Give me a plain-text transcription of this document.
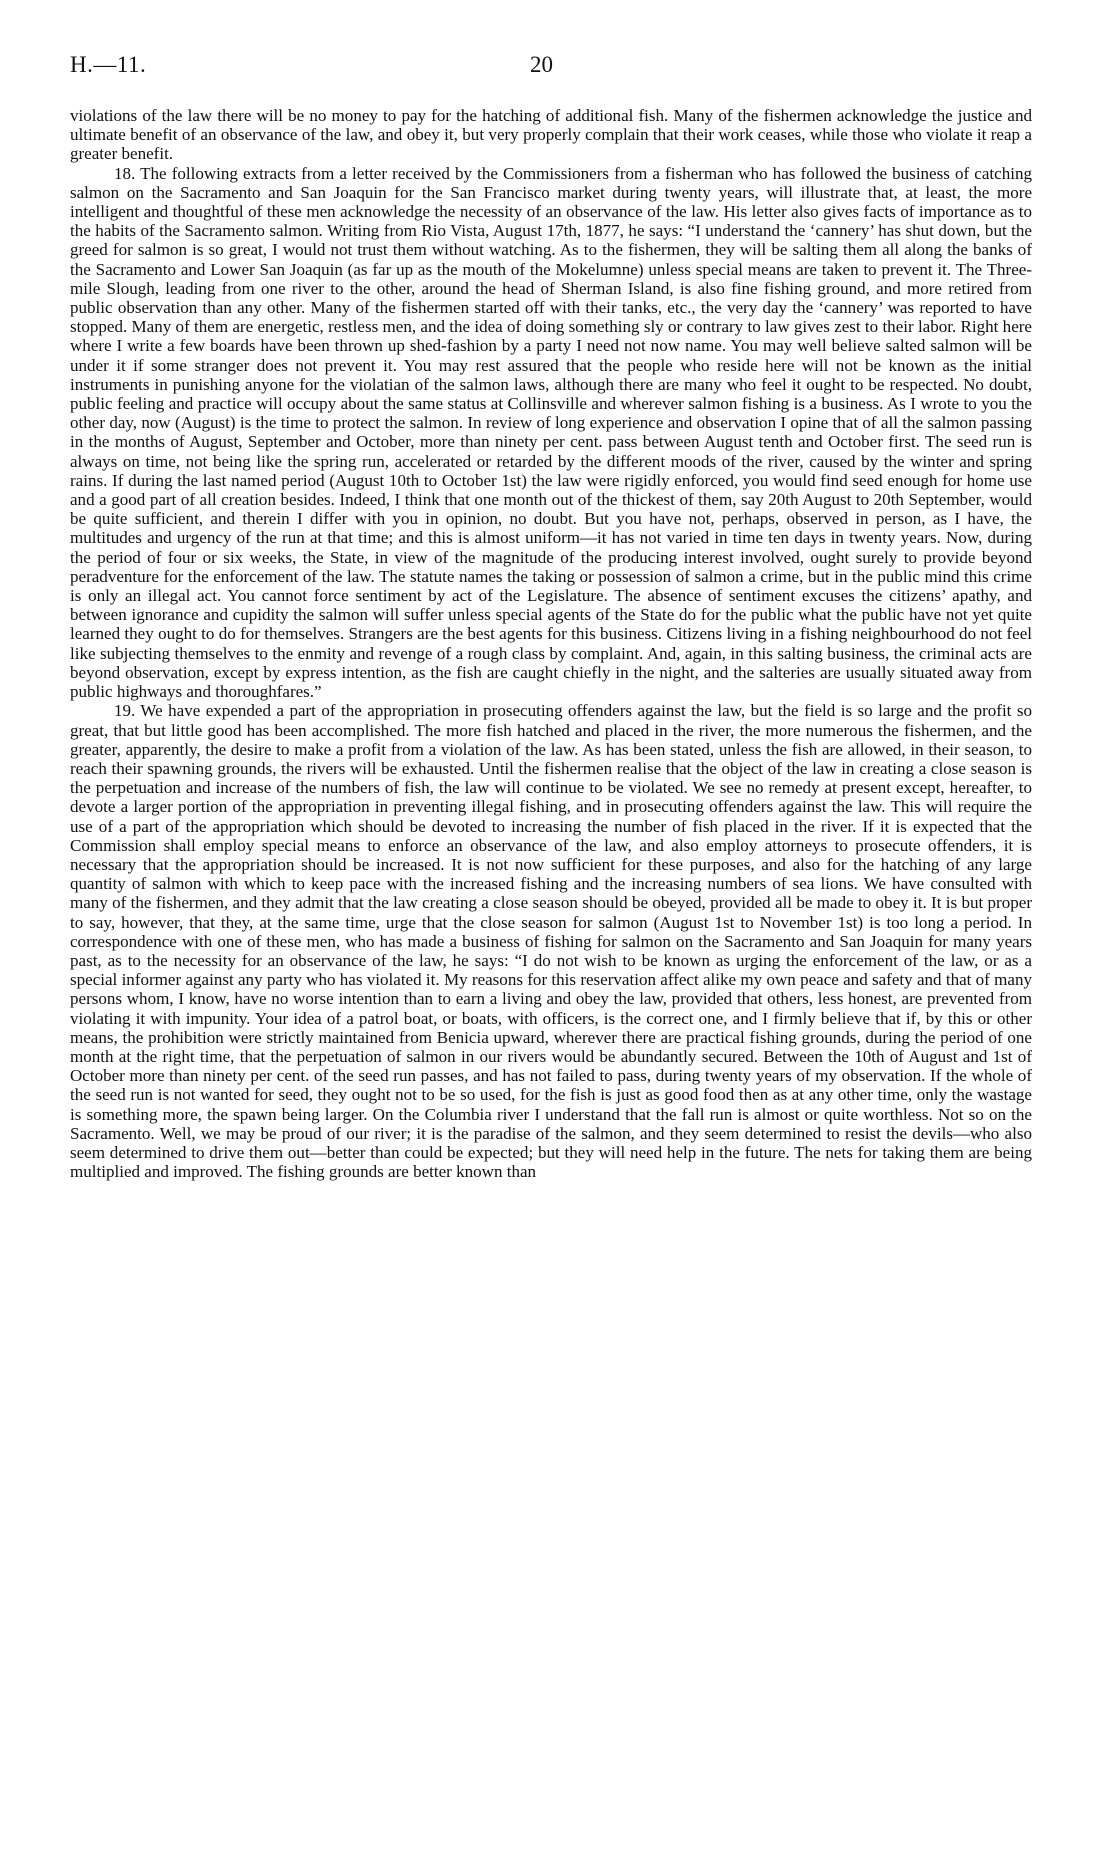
H.—11.	20

violations of the law there will be no money to pay for the hatching of additional fish. Many of the fishermen acknowledge the justice and ultimate benefit of an observance of the law, and obey it, but very properly complain that their work ceases, while those who violate it reap a greater benefit.

18. The following extracts from a letter received by the Commissioners from a fisherman who has followed the business of catching salmon on the Sacramento and San Joaquin for the San Francisco market during twenty years, will illustrate that, at least, the more intelligent and thoughtful of these men acknowledge the necessity of an observance of the law. His letter also gives facts of importance as to the habits of the Sacramento salmon. Writing from Rio Vista, August 17th, 1877, he says: “I understand the ‘cannery’ has shut down, but the greed for salmon is so great, I would not trust them without watching. As to the fishermen, they will be salting them all along the banks of the Sacramento and Lower San Joaquin (as far up as the mouth of the Mokelumne) unless special means are taken to prevent it. The Three-mile Slough, leading from one river to the other, around the head of Sherman Island, is also fine fishing ground, and more retired from public observation than any other. Many of the fishermen started off with their tanks, etc., the very day the ‘cannery’ was reported to have stopped. Many of them are energetic, restless men, and the idea of doing something sly or contrary to law gives zest to their labor. Right here where I write a few boards have been thrown up shed-fashion by a party I need not now name. You may well believe salted salmon will be under it if some stranger does not prevent it. You may rest assured that the people who reside here will not be known as the initial instruments in punishing anyone for the violatian of the salmon laws, although there are many who feel it ought to be respected. No doubt, public feeling and practice will occupy about the same status at Collinsville and wherever salmon fishing is a business. As I wrote to you the other day, now (August) is the time to protect the salmon. In review of long experience and observation I opine that of all the salmon passing in the months of August, September and October, more than ninety per cent. pass between August tenth and October first. The seed run is always on time, not being like the spring run, accelerated or retarded by the different moods of the river, caused by the winter and spring rains. If during the last named period (August 10th to October 1st) the law were rigidly enforced, you would find seed enough for home use and a good part of all creation besides. Indeed, I think that one month out of the thickest of them, say 20th August to 20th September, would be quite sufficient, and therein I differ with you in opinion, no doubt. But you have not, perhaps, observed in person, as I have, the multitudes and urgency of the run at that time; and this is almost uniform—it has not varied in time ten days in twenty years. Now, during the period of four or six weeks, the State, in view of the magnitude of the producing interest involved, ought surely to provide beyond peradventure for the enforcement of the law. The statute names the taking or possession of salmon a crime, but in the public mind this crime is only an illegal act. You cannot force sentiment by act of the Legislature. The absence of sentiment excuses the citizens’ apathy, and between ignorance and cupidity the salmon will suffer unless special agents of the State do for the public what the public have not yet quite learned they ought to do for themselves. Strangers are the best agents for this business. Citizens living in a fishing neighbourhood do not feel like subjecting themselves to the enmity and revenge of a rough class by complaint. And, again, in this salting business, the criminal acts are beyond observation, except by express intention, as the fish are caught chiefly in the night, and the salteries are usually situated away from public highways and thoroughfares.”

19. We have expended a part of the appropriation in prosecuting offenders against the law, but the field is so large and the profit so great, that but little good has been accomplished. The more fish hatched and placed in the river, the more numerous the fishermen, and the greater, apparently, the desire to make a profit from a violation of the law. As has been stated, unless the fish are allowed, in their season, to reach their spawning grounds, the rivers will be exhausted. Until the fishermen realise that the object of the law in creating a close season is the perpetuation and increase of the numbers of fish, the law will continue to be violated. We see no remedy at present except, hereafter, to devote a larger portion of the appropriation in preventing illegal fishing, and in prosecuting offenders against the law. This will require the use of a part of the appropriation which should be devoted to increasing the number of fish placed in the river. If it is expected that the Commission shall employ special means to enforce an observance of the law, and also employ attorneys to prosecute offenders, it is necessary that the appropriation should be increased. It is not now sufficient for these purposes, and also for the hatching of any large quantity of salmon with which to keep pace with the increased fishing and the increasing numbers of sea lions. We have consulted with many of the fishermen, and they admit that the law creating a close season should be obeyed, provided all be made to obey it. It is but proper to say, however, that they, at the same time, urge that the close season for salmon (August 1st to November 1st) is too long a period. In correspondence with one of these men, who has made a business of fishing for salmon on the Sacramento and San Joaquin for many years past, as to the necessity for an observance of the law, he says: “I do not wish to be known as urging the enforcement of the law, or as a special informer against any party who has violated it. My reasons for this reservation affect alike my own peace and safety and that of many persons whom, I know, have no worse intention than to earn a living and obey the law, provided that others, less honest, are prevented from violating it with impunity. Your idea of a patrol boat, or boats, with officers, is the correct one, and I firmly believe that if, by this or other means, the prohibition were strictly maintained from Benicia upward, wherever there are practical fishing grounds, during the period of one month at the right time, that the perpetuation of salmon in our rivers would be abundantly secured. Between the 10th of August and 1st of October more than ninety per cent. of the seed run passes, and has not failed to pass, during twenty years of my observation. If the whole of the seed run is not wanted for seed, they ought not to be so used, for the fish is just as good food then as at any other time, only the wastage is something more, the spawn being larger. On the Columbia river I understand that the fall run is almost or quite worthless. Not so on the Sacramento. Well, we may be proud of our river; it is the paradise of the salmon, and they seem determined to resist the devils—who also seem determined to drive them out—better than could be expected; but they will need help in the future. The nets for taking them are being multiplied and improved. The fishing grounds are better known than
